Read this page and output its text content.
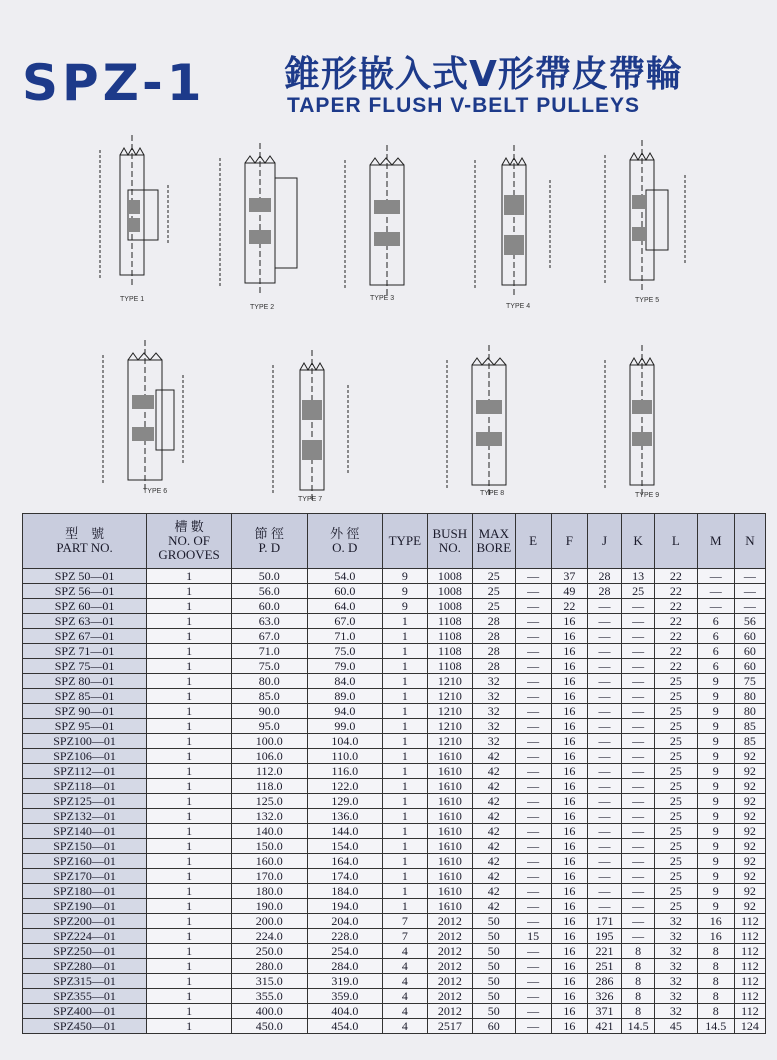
SPZ-1 錐形嵌入式V形帶皮帶輪
TAPER FLUSH V-BELT PULLEYS
TYPE 1
TYPE 2
TYPE 3
TYPE 4
TYPE 5
TYPE 6
TYPE 7
TYPE 8	TYPE 9
型　號
PART NO.	槽 數
NO. OF
GROOVES	節 徑
P. D	外 徑
O. D	TYPE	BUSH
NO.	MAX
BORE	E	F	J	K	L	M	N
SPZ 50—01	1	50.0	54.0	9	1008	25	—	37	28	13	22	—	—
SPZ 56—01	1	56.0	60.0	9	1008	25	—	49	28	25	22	—	—
SPZ 60—01	1	60.0	64.0	9	1008	25	—	22	—	—	22	—	—
SPZ 63—01	1	63.0	67.0	1	1108	28	—	16	—	—	22	6	56
SPZ 67—01	1	67.0	71.0	1	1108	28	—	16	—	—	22	6	60
SPZ 71—01	1	71.0	75.0	1	1108	28	—	16	—	—	22	6	60
SPZ 75—01	1	75.0	79.0	1	1108	28	—	16	—	—	22	6	60
SPZ 80—01	1	80.0	84.0	1	1210	32	—	16	—	—	25	9	75
SPZ 85—01	1	85.0	89.0	1	1210	32	—	16	—	—	25	9	80
SPZ 90—01	1	90.0	94.0	1	1210	32	—	16	—	—	25	9	80
SPZ 95—01	1	95.0	99.0	1	1210	32	—	16	—	—	25	9	85
SPZ100—01	1	100.0	104.0	1	1210	32	—	16	—	—	25	9	85
SPZ106—01	1	106.0	110.0	1	1610	42	—	16	—	—	25	9	92
SPZ112—01	1	112.0	116.0	1	1610	42	—	16	—	—	25	9	92
SPZ118—01	1	118.0	122.0	1	1610	42	—	16	—	—	25	9	92
SPZ125—01	1	125.0	129.0	1	1610	42	—	16	—	—	25	9	92
SPZ132—01	1	132.0	136.0	1	1610	42	—	16	—	—	25	9	92
SPZ140—01	1	140.0	144.0	1	1610	42	—	16	—	—	25	9	92
SPZ150—01	1	150.0	154.0	1	1610	42	—	16	—	—	25	9	92
SPZ160—01	1	160.0	164.0	1	1610	42	—	16	—	—	25	9	92
SPZ170—01	1	170.0	174.0	1	1610	42	—	16	—	—	25	9	92
SPZ180—01	1	180.0	184.0	1	1610	42	—	16	—	—	25	9	92
SPZ190—01	1	190.0	194.0	1	1610	42	—	16	—	—	25	9	92
SPZ200—01	1	200.0	204.0	7	2012	50	—	16	171	—	32	16	112
SPZ224—01	1	224.0	228.0	7	2012	50	15	16	195	—	32	16	112
SPZ250—01	1	250.0	254.0	4	2012	50	—	16	221	8	32	8	112
SPZ280—01	1	280.0	284.0	4	2012	50	—	16	251	8	32	8	112
SPZ315—01	1	315.0	319.0	4	2012	50	—	16	286	8	32	8	112
SPZ355—01	1	355.0	359.0	4	2012	50	—	16	326	8	32	8	112
SPZ400—01	1	400.0	404.0	4	2012	50	—	16	371	8	32	8	112
SPZ450—01	1	450.0	454.0	4	2517	60	—	16	421	14.5	45	14.5	124
